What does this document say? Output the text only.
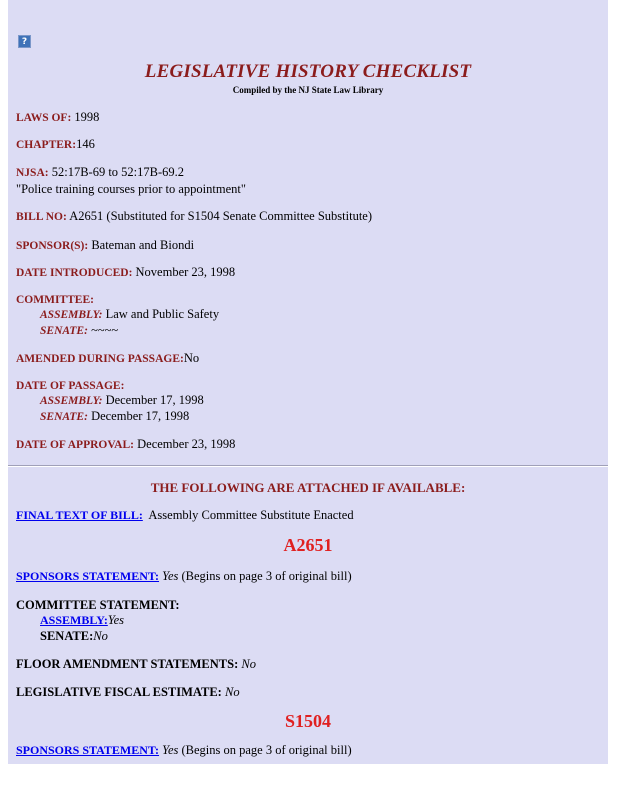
?
LEGISLATIVE HISTORY CHECKLIST
Compiled by the NJ State Law Library
LAWS OF: 1998
CHAPTER:146
NJSA: 52:17B-69 to 52:17B-69.2
"Police training courses prior to appointment"
BILL NO: A2651 (Substituted for S1504 Senate Committee Substitute)
SPONSOR(S): Bateman and Biondi
DATE INTRODUCED: November 23, 1998
COMMITTEE:
ASSEMBLY: Law and Public Safety
SENATE: ~~~~
AMENDED DURING PASSAGE:No
DATE OF PASSAGE:
ASSEMBLY: December 17, 1998
SENATE: December 17, 1998
DATE OF APPROVAL: December 23, 1998
THE FOLLOWING ARE ATTACHED IF AVAILABLE:
FINAL TEXT OF BILL: Assembly Committee Substitute Enacted
A2651
SPONSORS STATEMENT: Yes (Begins on page 3 of original bill)
COMMITTEE STATEMENT:
ASSEMBLY:Yes
SENATE:No
FLOOR AMENDMENT STATEMENTS: No
LEGISLATIVE FISCAL ESTIMATE: No
S1504
SPONSORS STATEMENT: Yes (Begins on page 3 of original bill)
